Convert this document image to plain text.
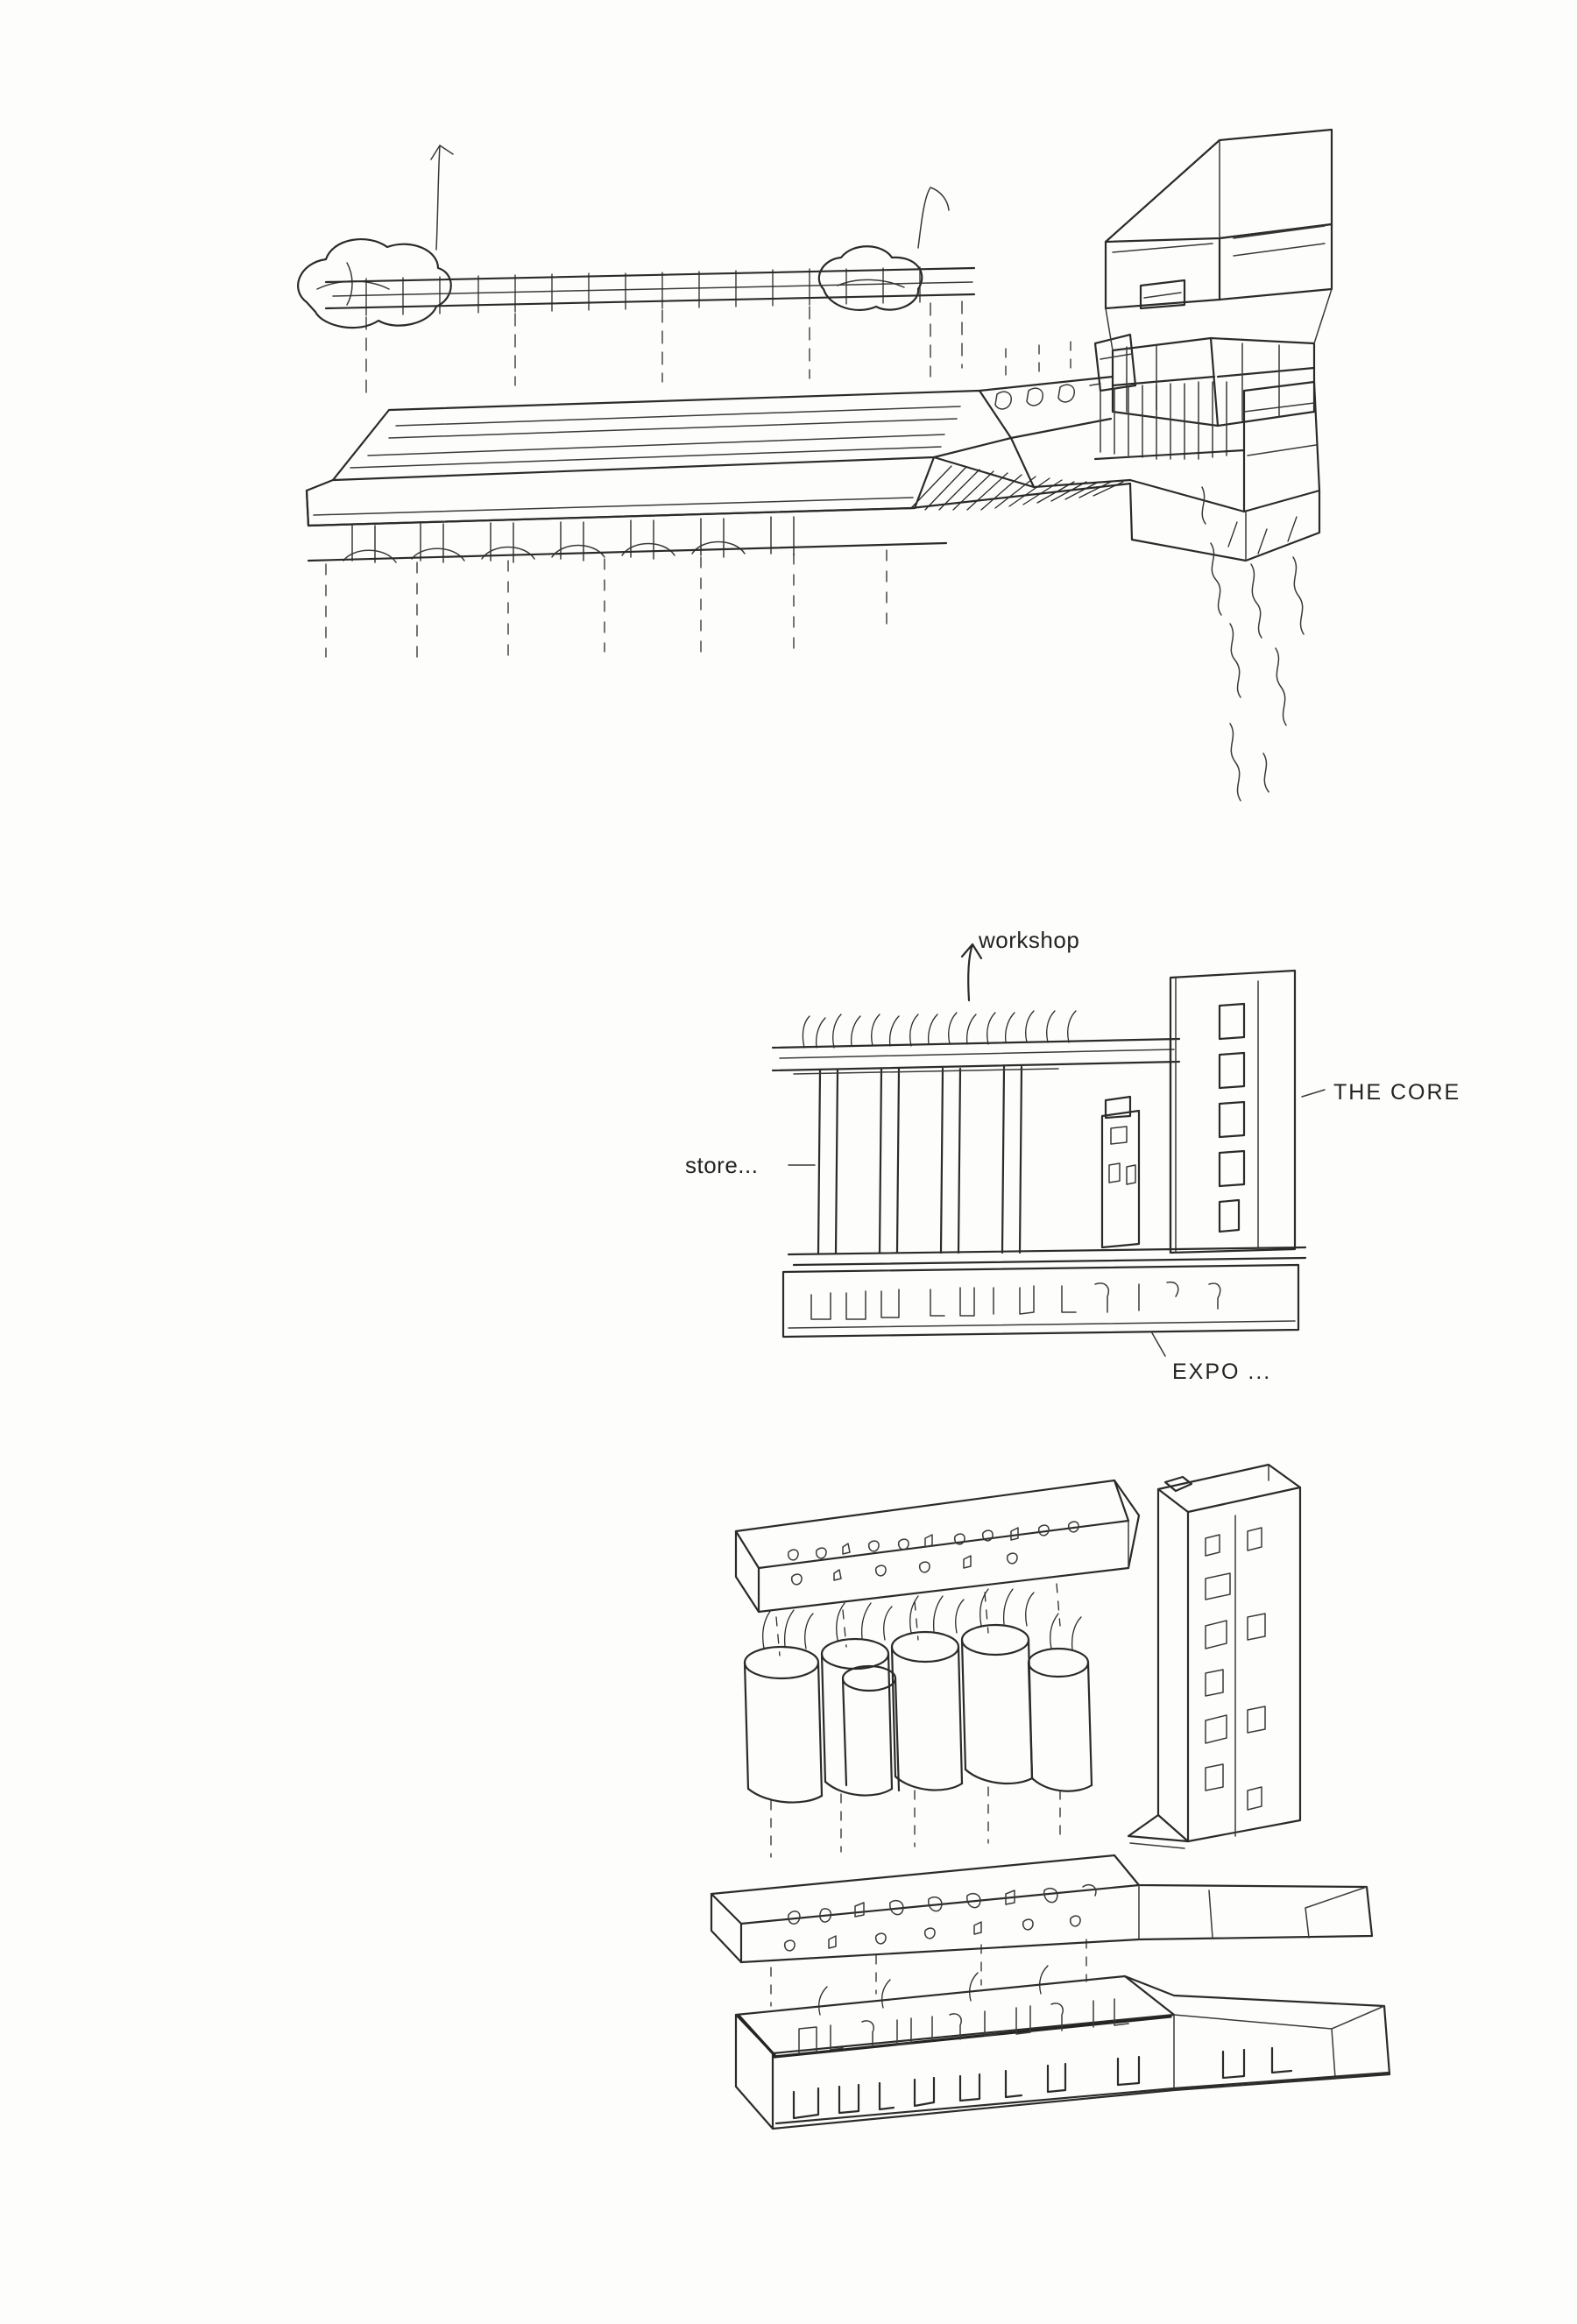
workshop
THE CORE
store...
EXPO ...
